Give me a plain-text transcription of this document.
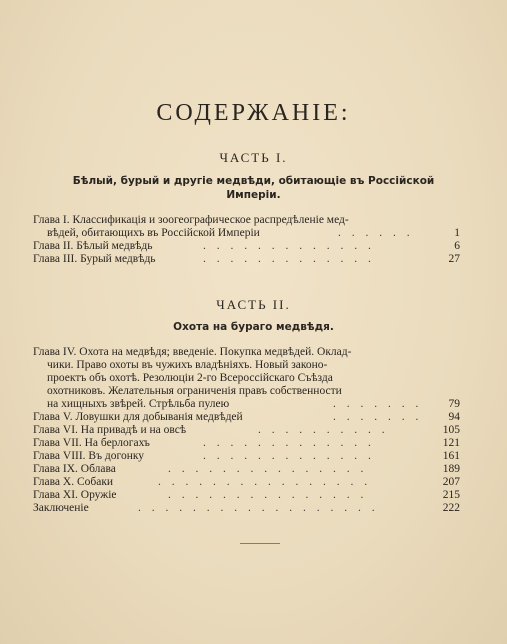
СОДЕРЖАНІЕ:
ЧАСТЬ I.
Бѣлый, бурый и другіе медвѣди, обитающіе въ Россійской Имперіи.
Глава I. Классификація и зоогеографическое распредѣленіе мед-
вѣдей, обитающихъ въ Россійской Имперіи	. . . . . .	1
Глава II. Бѣлый медвѣдь	. . . . . . . . . . . . .	6
Глава III. Бурый медвѣдь	. . . . . . . . . . . . .	27
ЧАСТЬ II.
Охота на бураго медвѣдя.
Глава IV. Охота на медвѣдя; введеніе. Покупка медвѣдей. Оклад-
чики. Право охоты въ чужихъ владѣніяхъ. Новый законо-
проектъ объ охотѣ. Резолюціи 2-го Всероссійскаго Съѣзда
охотниковъ. Желательныя ограниченія правъ собственности
на хищныхъ звѣрей. Стрѣльба пулею	. . . . . . . 79
Глава V. Ловушки для добыванія медвѣдей	. . . . . . . 94
Глава VI. На привадѣ и на овсѣ	. . . . . . . . . .	105
Глава VII. На берлогахъ	. . . . . . . . . . . . .	121
Глава VIII. Въ догонку	. . . . . . . . . . . . .	161
Глава IX. Облава	. . . . . . . . . . . . . . .	189
Глава X. Собаки	. . . . . . . . . . . . . . . .	207
Глава XI. Оружіе	. . . . . . . . . . . . . . .	215
Заключеніе	. . . . . . . . . . . . . . . . . .	222
